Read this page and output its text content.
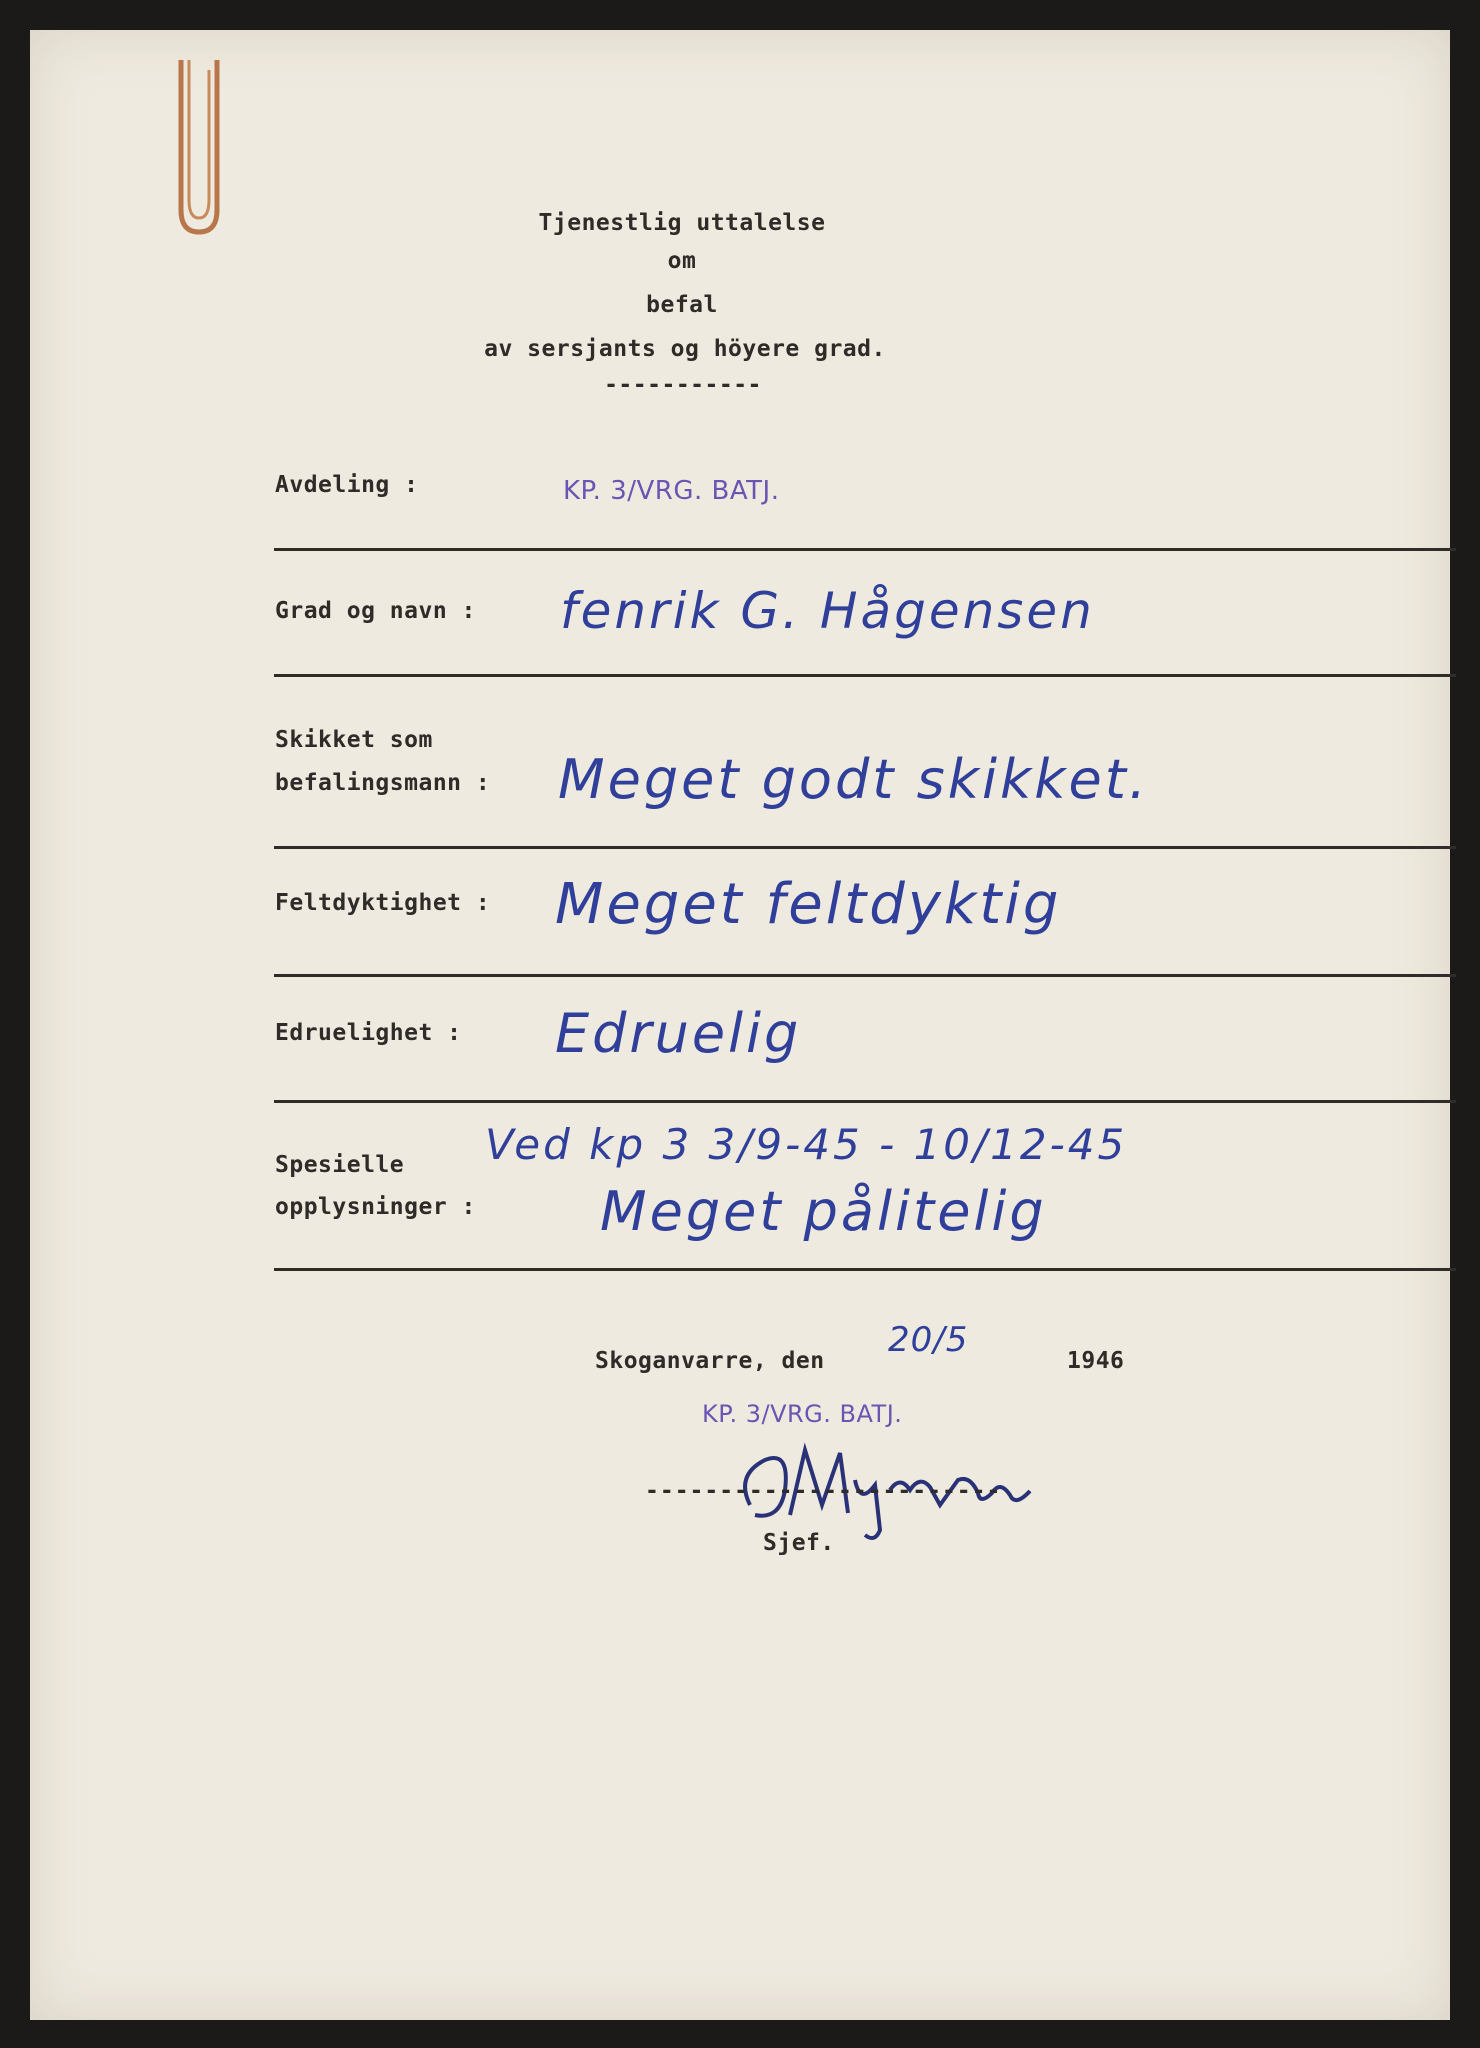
Tjenestlig uttalelse
om
befal
av sersjants og höyere grad.
-----------
Avdeling :	KP. 3/VRG. BATJ.
Grad og navn : fenrik G. Hågensen
Skikket som
befalingsmann : Meget godt skikket.
Feltdyktighet : Meget feltdyktig
Edruelighet : Edruelig
Spesielle
opplysninger :
Ved kp 3 3/9-45 - 10/12-45
Meget pålitelig
Skoganvarre, den
20/5
1946
KP. 3/VRG. BATJ.
------------------------
Sjef.
